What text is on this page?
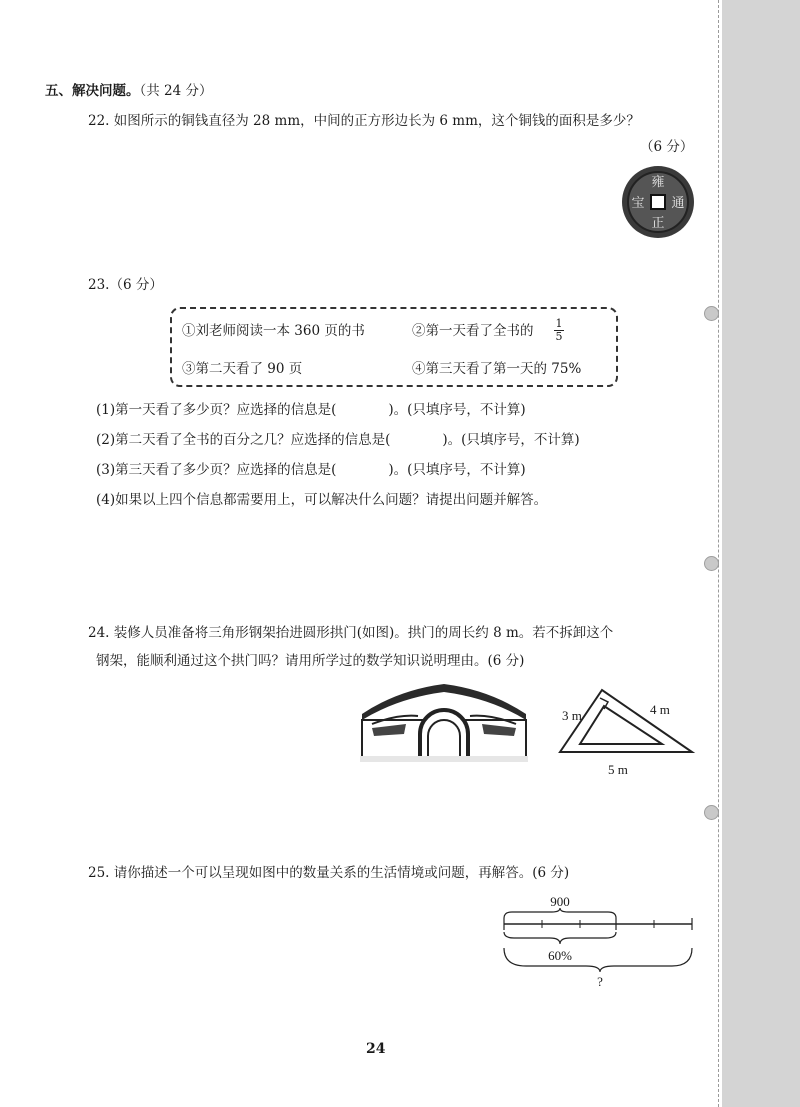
五、解决问题。（共 24 分）
22. 如图所示的铜钱直径为 28 mm，中间的正方形边长为 6 mm，这个铜钱的面积是多少？
（6 分）
雍
通
正
宝
23.（6 分）
①刘老师阅读一本 360 页的书	②第一天看了全书的 1
5
③第二天看了 90 页	④第三天看了第一天的 75%
(1)第一天看了多少页？应选择的信息是(	)。(只填序号，不计算)
(2)第二天看了全书的百分之几？应选择的信息是(	)。(只填序号，不计算)
(3)第三天看了多少页？应选择的信息是(	)。(只填序号，不计算)
(4)如果以上四个信息都需要用上，可以解决什么问题？请提出问题并解答。
24. 装修人员准备将三角形钢架抬进圆形拱门(如图)。拱门的周长约 8 m。若不拆卸这个
钢架，能顺利通过这个拱门吗？请用所学过的数学知识说明理由。(6 分)
3 m	4 m
5 m
25. 请你描述一个可以呈现如图中的数量关系的生活情境或问题，再解答。(6 分)
900
60%
?
24
